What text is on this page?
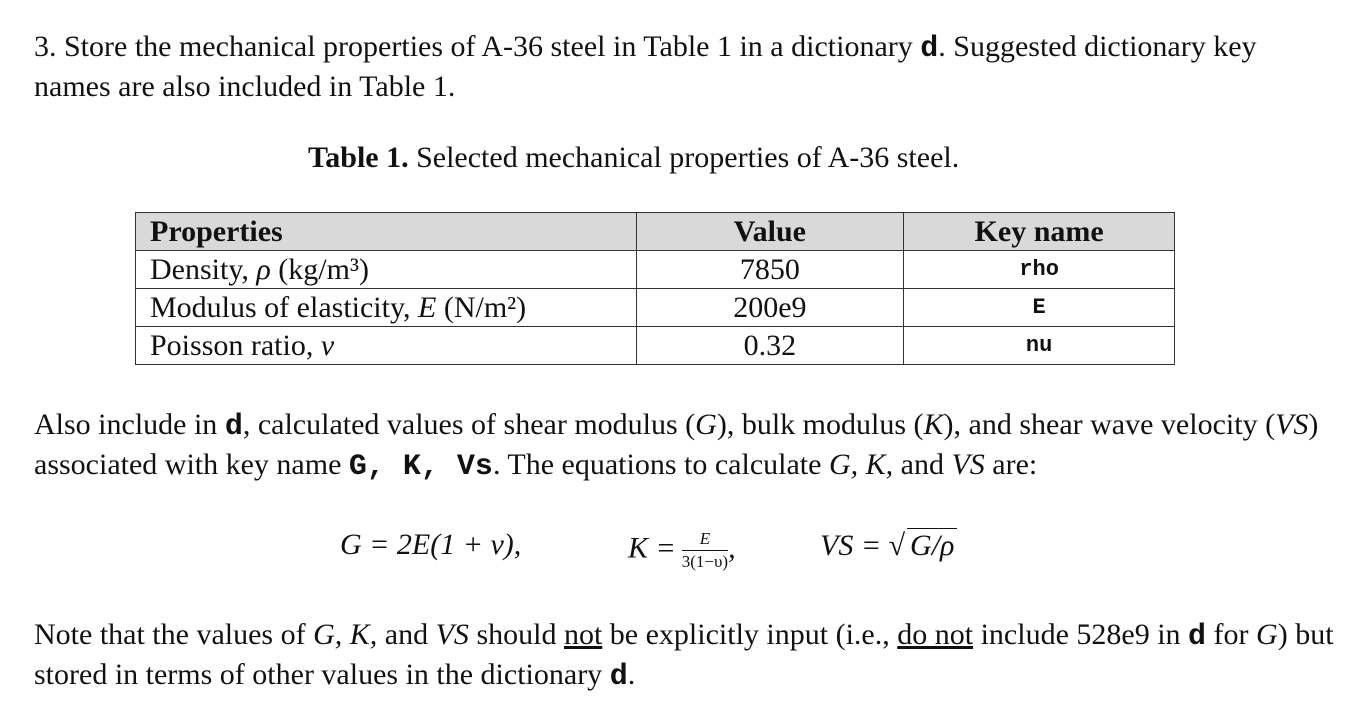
3. Store the mechanical properties of A-36 steel in Table 1 in a dictionary d. Suggested dictionary key names are also included in Table 1.
Table 1. Selected mechanical properties of A-36 steel.
Properties	Value	Key name
Density, ρ (kg/m³)	7850	rho
Modulus of elasticity, E (N/m²)	200e9	E
Poisson ratio, ν	0.32	nu
Also include in d, calculated values of shear modulus (G), bulk modulus (K), and shear wave velocity (VS) associated with key name G, K, Vs. The equations to calculate G, K, and VS are:
G = 2E(1 + ν),	$K = \frac{E}{3(1-\upsilon)}$ ,	VS = √ G/ρ
Note that the values of G, K, and VS should not be explicitly input (i.e., do not include 528e9 in d for G) but stored in terms of other values in the dictionary d.
